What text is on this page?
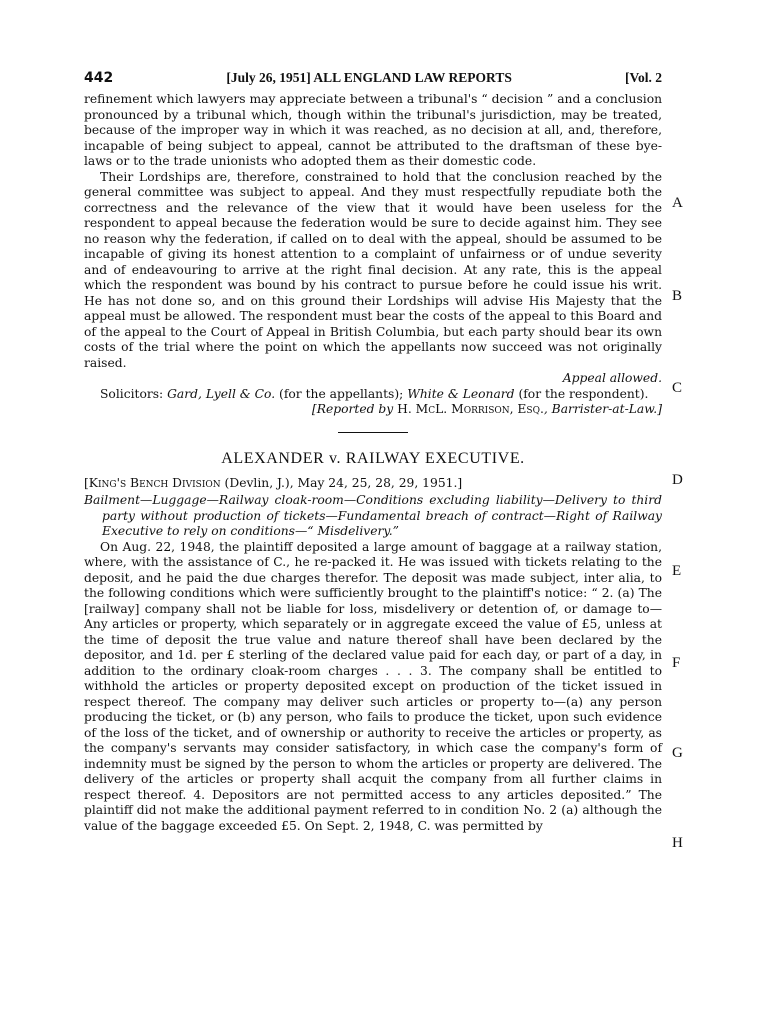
442	[July 26, 1951] ALL ENGLAND LAW REPORTS	[Vol. 2

refinement which lawyers may appreciate between a tribunal's “ decision ” and a conclusion pronounced by a tribunal which, though within the tribunal's jurisdiction, may be treated, because of the improper way in which it was reached, as no decision at all, and, therefore, incapable of being subject to appeal, cannot be attributed to the draftsman of these bye-laws or to the trade unionists who adopted them as their domestic code.

Their Lordships are, therefore, constrained to hold that the conclusion reached by the general committee was subject to appeal. And they must respectfully repudiate both the correctness and the relevance of the view that it would have been useless for the respondent to appeal because the federation would be sure to decide against him. They see no reason why the federation, if called on to deal with the appeal, should be assumed to be incapable of giving its honest attention to a complaint of unfairness or of undue severity and of endeavouring to arrive at the right final decision. At any rate, this is the appeal which the respondent was bound by his contract to pursue before he could issue his writ. He has not done so, and on this ground their Lordships will advise His Majesty that the appeal must be allowed. The respondent must bear the costs of the appeal to this Board and of the appeal to the Court of Appeal in British Columbia, but each party should bear its own costs of the trial where the point on which the appellants now succeed was not originally raised.

Appeal allowed.

Solicitors: Gard, Lyell & Co. (for the appellants); White & Leonard (for the respondent).

[Reported by H. McL. Morrison, Esq., Barrister-at-Law.]

ALEXANDER v. RAILWAY EXECUTIVE.
[King's Bench Division (Devlin, J.), May 24, 25, 28, 29, 1951.]
Bailment—Luggage—Railway cloak-room—Conditions excluding liability—Delivery to third party without production of tickets—Fundamental breach of contract—Right of Railway Executive to rely on conditions—“ Misdelivery.”

On Aug. 22, 1948, the plaintiff deposited a large amount of baggage at a railway station, where, with the assistance of C., he re-packed it. He was issued with tickets relating to the deposit, and he paid the due charges therefor. The deposit was made subject, inter alia, to the following conditions which were sufficiently brought to the plaintiff's notice: “ 2. (a) The [railway] company shall not be liable for loss, misdelivery or detention of, or damage to—Any articles or property, which separately or in aggregate exceed the value of £5, unless at the time of deposit the true value and nature thereof shall have been declared by the depositor, and 1d. per £ sterling of the declared value paid for each day, or part of a day, in addition to the ordinary cloak-room charges . . . 3. The company shall be entitled to withhold the articles or property deposited except on production of the ticket issued in respect thereof. The company may deliver such articles or property to—(a) any person producing the ticket, or (b) any person, who fails to produce the ticket, upon such evidence of the loss of the ticket, and of ownership or authority to receive the articles or property, as the company's servants may consider satisfactory, in which case the company's form of indemnity must be signed by the person to whom the articles or property are delivered. The delivery of the articles or property shall acquit the company from all further claims in respect thereof. 4. Depositors are not permitted access to any articles deposited.” The plaintiff did not make the additional payment referred to in condition No. 2 (a) although the value of the baggage exceeded £5. On Sept. 2, 1948, C. was permitted by

A
B
C
D
E
F
G
H
